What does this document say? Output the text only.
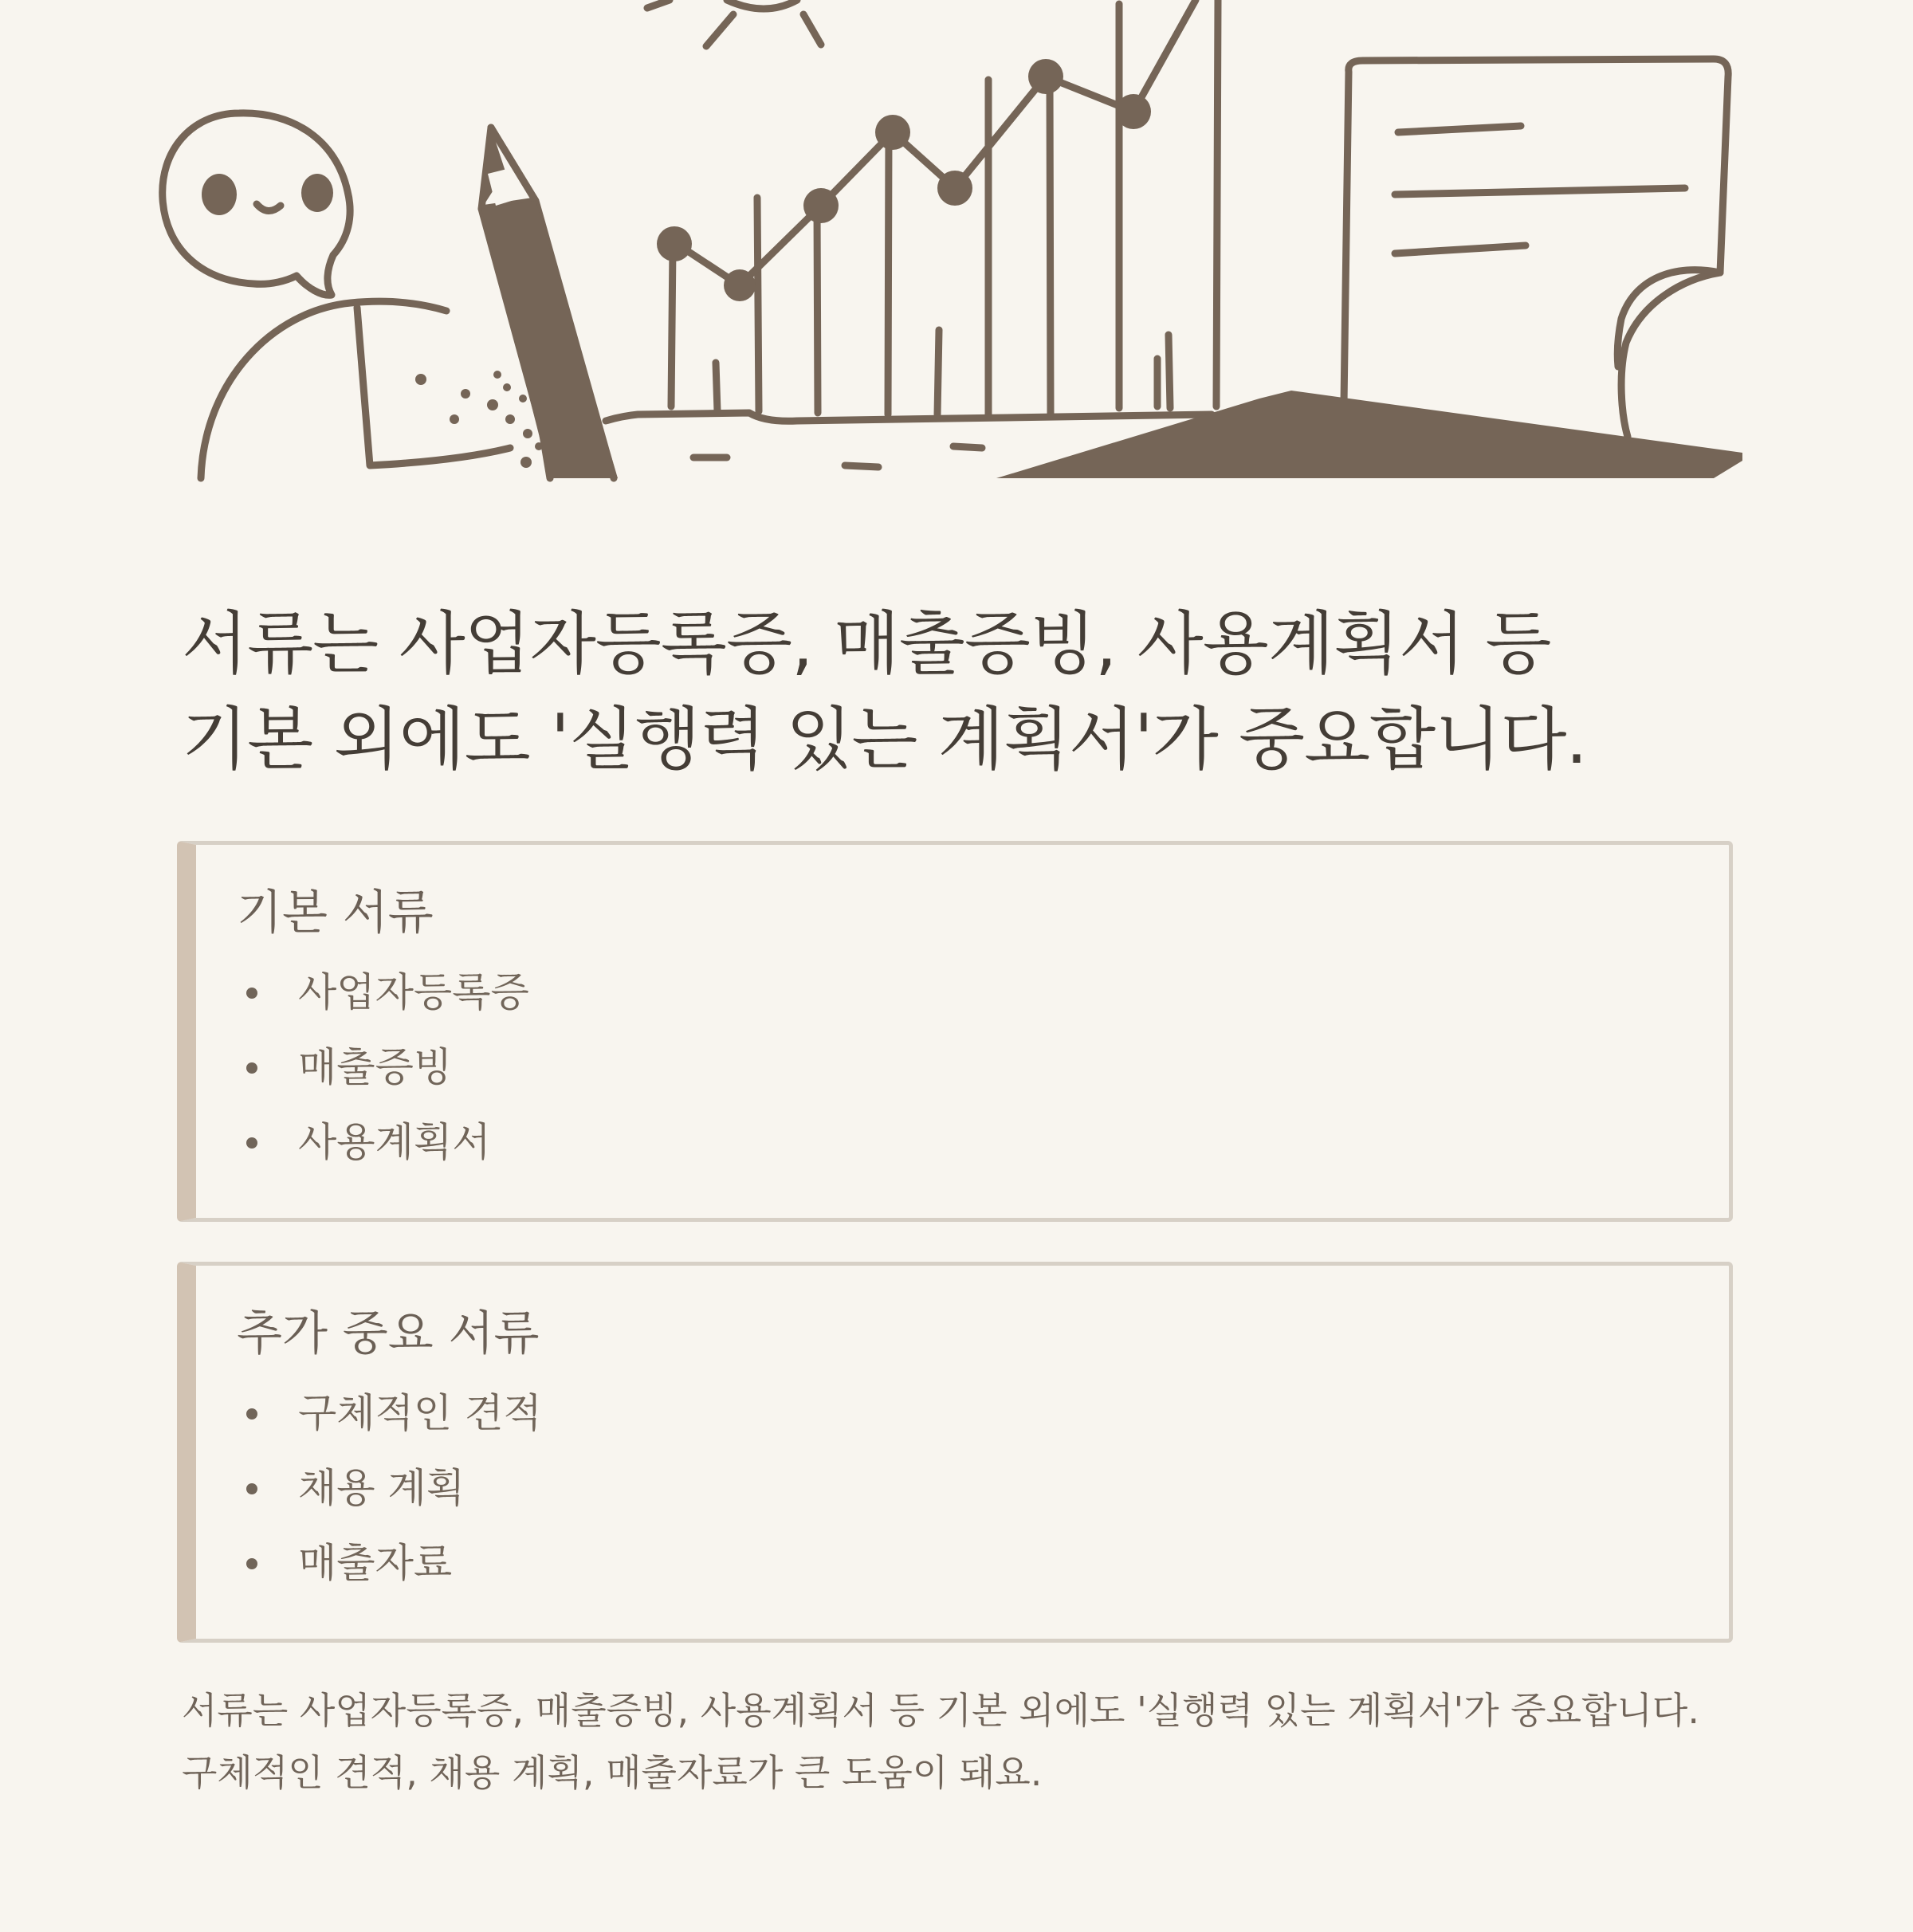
서류는 사업자등록증, 매출증빙, 사용계획서 등
기본 외에도 '실행력 있는 계획서'가 중요합니다.
기본 서류
사업자등록증
매출증빙
사용계획서
추가 중요 서류
구체적인 견적
채용 계획
매출자료

서류는 사업자등록증, 매출증빙, 사용계획서 등 기본 외에도 '실행력 있는 계획서'가 중요합니다. 구체적인 견적, 채용 계획, 매출자료가 큰 도움이 돼요.
